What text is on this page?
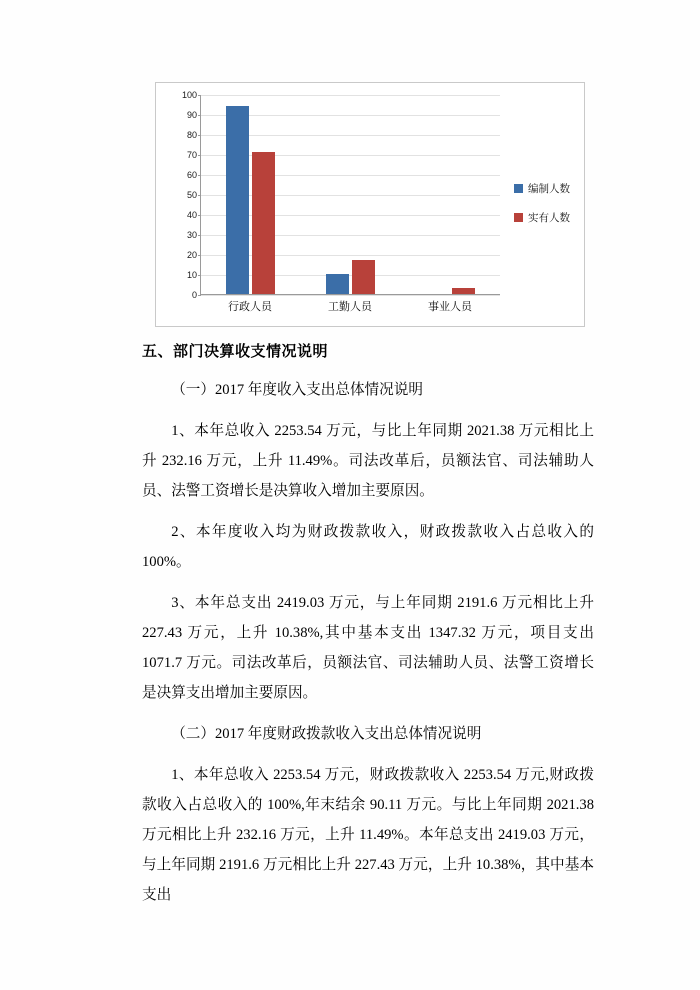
0
10
20
30
40
50
60
70
80
90
100
行政人员	工勤人员	事业人员
编制人数
实有人数
五、部门决算收支情况说明

（一）2017 年度收入支出总体情况说明

1、本年总收入 2253.54 万元，与比上年同期 2021.38 万元相比上升 232.16 万元，上升 11.49%。司法改革后，员额法官、司法辅助人员、法警工资增长是决算收入增加主要原因。

2、本年度收入均为财政拨款收入，财政拨款收入占总收入的 100%。

3、本年总支出 2419.03 万元，与上年同期 2191.6 万元相比上升 227.43 万元，上升 10.38%,其中基本支出 1347.32 万元，项目支出 1071.7 万元。司法改革后，员额法官、司法辅助人员、法警工资增长是决算支出增加主要原因。

（二）2017 年度财政拨款收入支出总体情况说明

1、本年总收入 2253.54 万元，财政拨款收入 2253.54 万元,财政拨款收入占总收入的 100%,年末结余 90.11 万元。与比上年同期 2021.38 万元相比上升 232.16 万元，上升 11.49%。本年总支出 2419.03 万元，与上年同期 2191.6 万元相比上升 227.43 万元，上升 10.38%，其中基本支出
